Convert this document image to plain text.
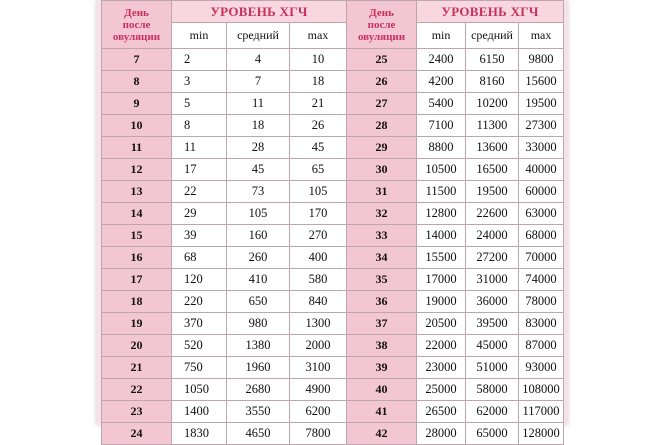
День
после
овуляции	УРОВЕНЬ ХГЧ			День
после
овуляции	УРОВЕНЬ ХГЧ		
	min	средний	max		min	средний	max
7	2	4	10	25	2400	6150	9800
8	3	7	18	26	4200	8160	15600
9	5	11	21	27	5400	10200	19500
10	8	18	26	28	7100	11300	27300
11	11	28	45	29	8800	13600	33000
12	17	45	65	30	10500	16500	40000
13	22	73	105	31	11500	19500	60000
14	29	105	170	32	12800	22600	63000
15	39	160	270	33	14000	24000	68000
16	68	260	400	34	15500	27200	70000
17	120	410	580	35	17000	31000	74000
18	220	650	840	36	19000	36000	78000
19	370	980	1300	37	20500	39500	83000
20	520	1380	2000	38	22000	45000	87000
21	750	1960	3100	39	23000	51000	93000
22	1050	2680	4900	40	25000	58000	108000
23	1400	3550	6200	41	26500	62000	117000
24	1830	4650	7800	42	28000	65000	128000
